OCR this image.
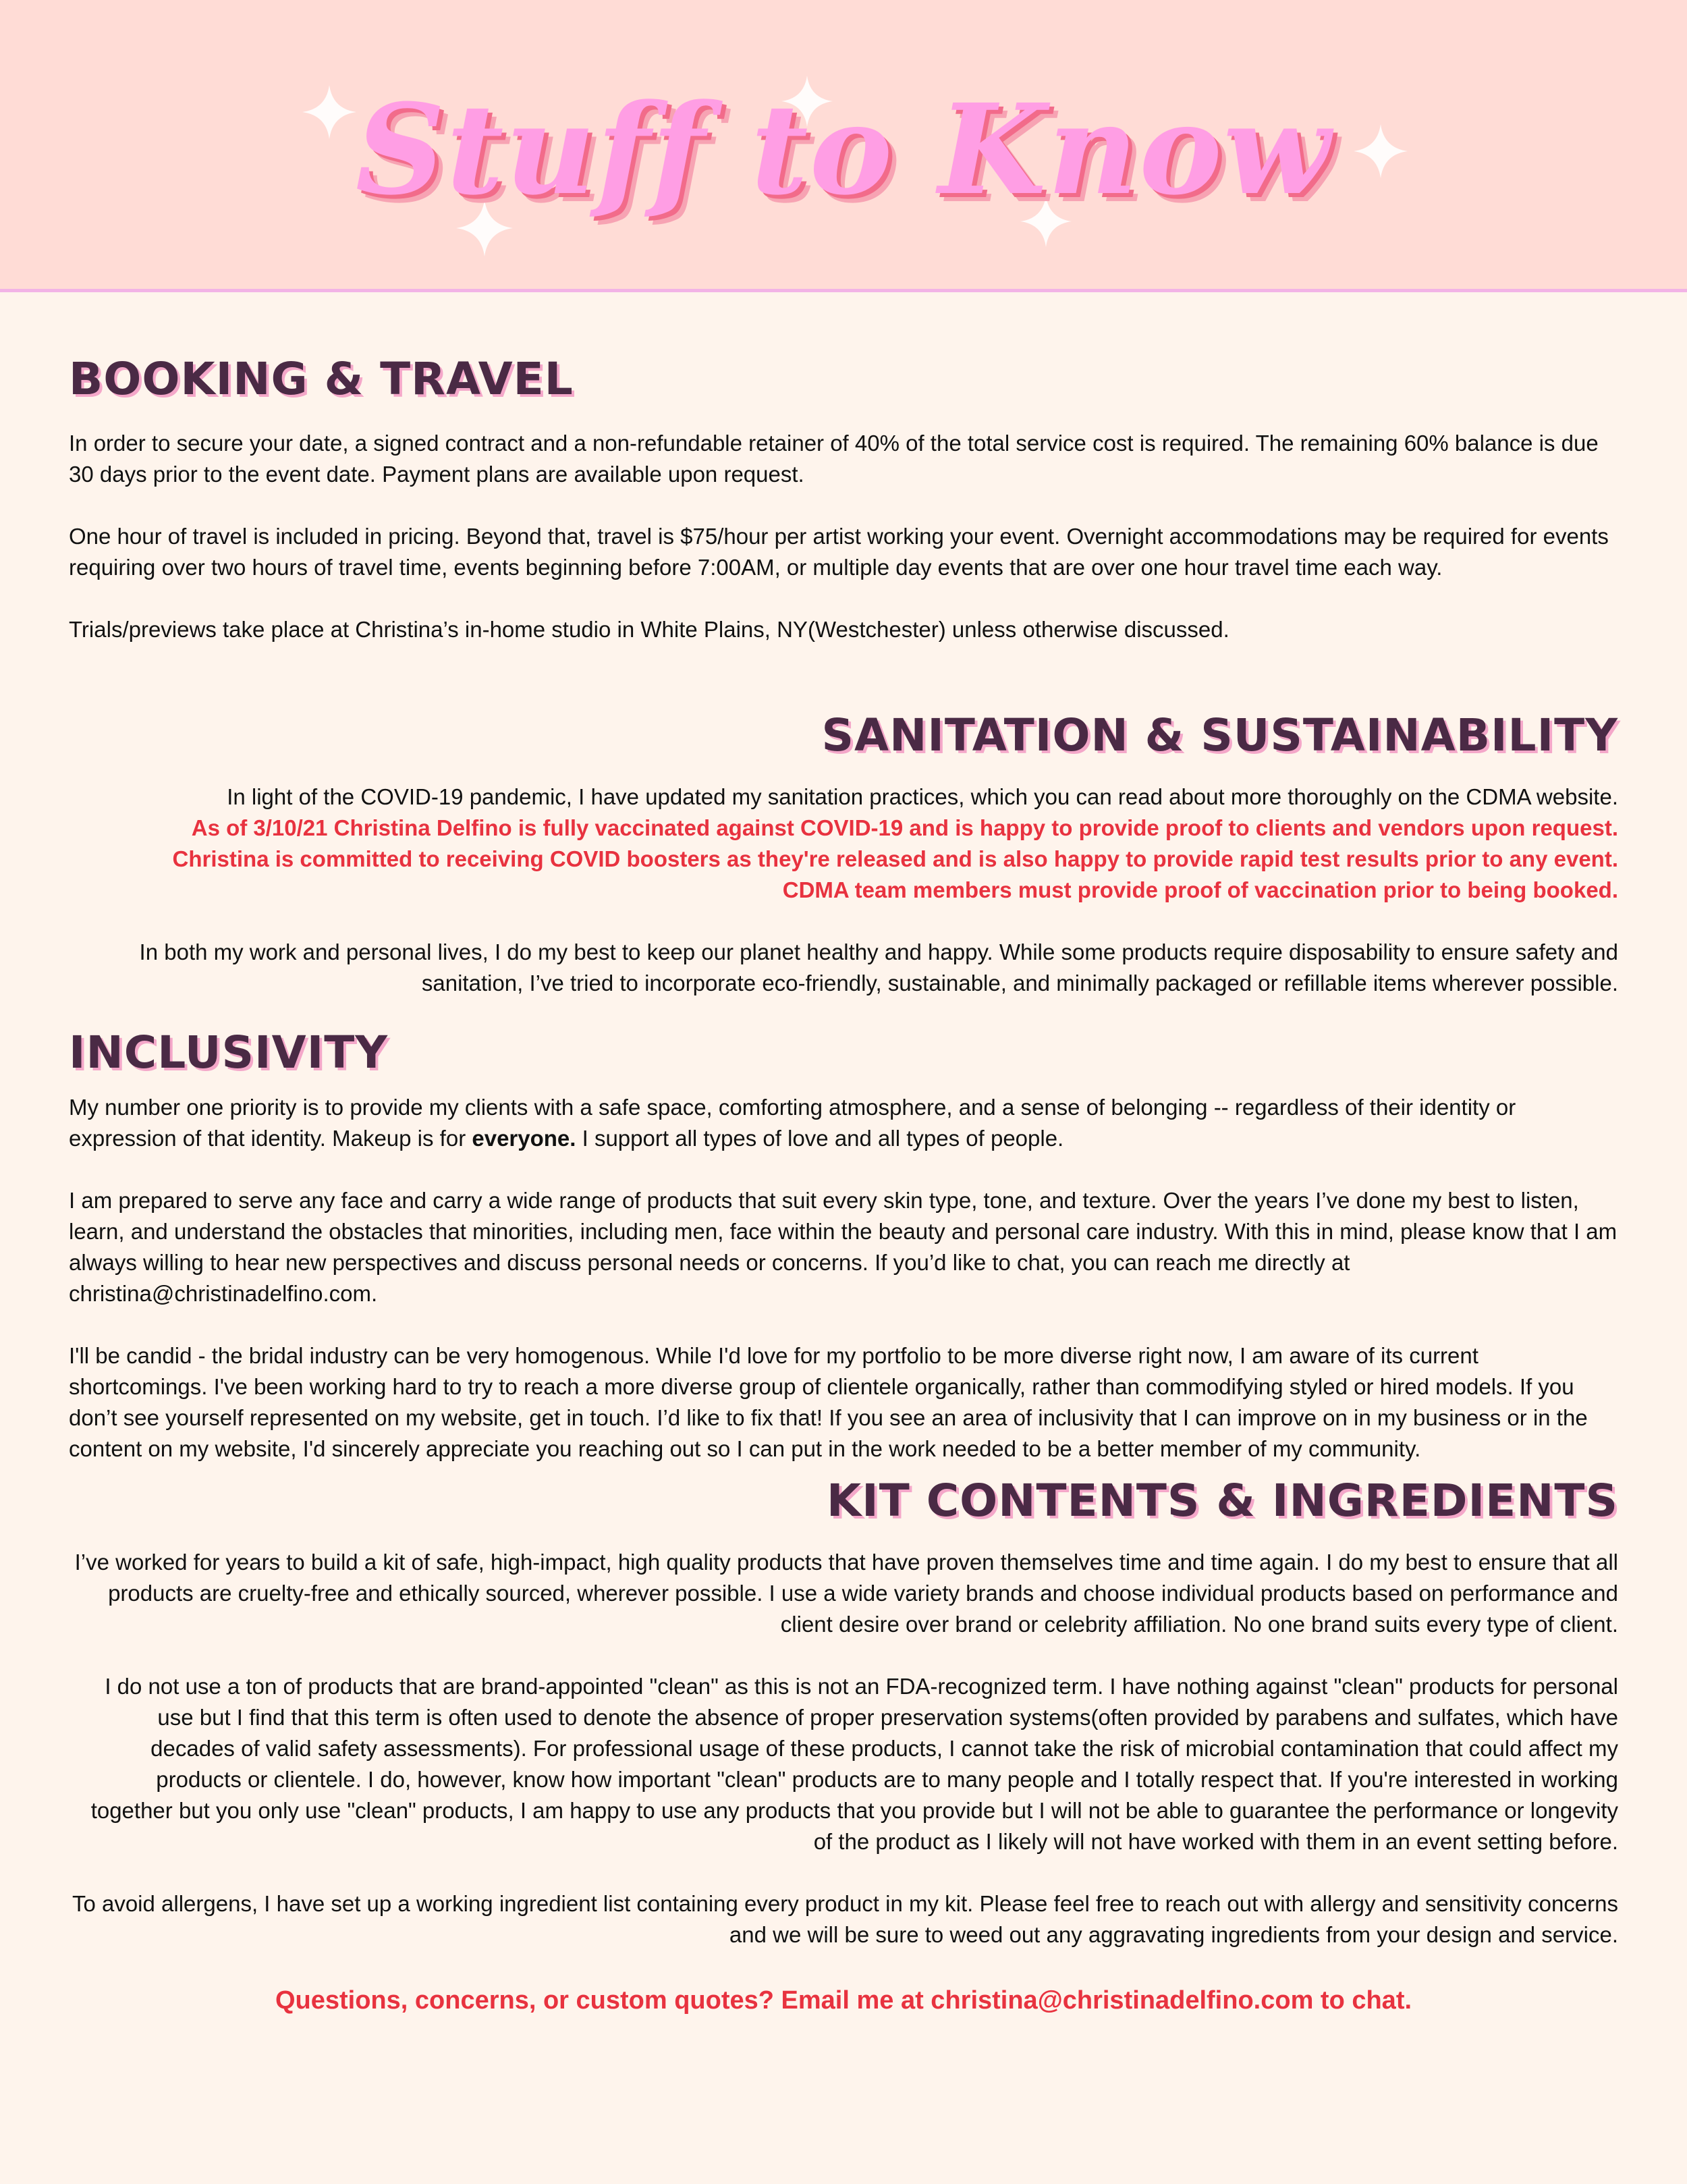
Stuff to Know
BOOKING & TRAVEL

In order to secure your date, a signed contract and a non-refundable retainer of 40% of the total service cost is required. The remaining 60% balance is due 30 days prior to the event date. Payment plans are available upon request.

One hour of travel is included in pricing. Beyond that, travel is $75/hour per artist working your event. Overnight accommodations may be required for events requiring over two hours of travel time, events beginning before 7:00AM, or multiple day events that are over one hour travel time each way.

Trials/previews take place at Christina’s in-home studio in White Plains, NY(Westchester) unless otherwise discussed.

SANITATION & SUSTAINABILITY

In light of the COVID-19 pandemic, I have updated my sanitation practices, which you can read about more thoroughly on the CDMA website.

As of 3/10/21 Christina Delfino is fully vaccinated against COVID-19 and is happy to provide proof to clients and vendors upon request.

Christina is committed to receiving COVID boosters as they're released and is also happy to provide rapid test results prior to any event.

CDMA team members must provide proof of vaccination prior to being booked.

In both my work and personal lives, I do my best to keep our planet healthy and happy. While some products require disposability to ensure safety and sanitation, I’ve tried to incorporate eco-friendly, sustainable, and minimally packaged or refillable items wherever possible.

INCLUSIVITY

My number one priority is to provide my clients with a safe space, comforting atmosphere, and a sense of belonging -- regardless of their identity or expression of that identity. Makeup is for everyone. I support all types of love and all types of people.

I am prepared to serve any face and carry a wide range of products that suit every skin type, tone, and texture. Over the years I’ve done my best to listen, learn, and understand the obstacles that minorities, including men, face within the beauty and personal care industry. With this in mind, please know that I am always willing to hear new perspectives and discuss personal needs or concerns. If you’d like to chat, you can reach me directly at christina@christinadelfino.com.

I'll be candid - the bridal industry can be very homogenous. While I'd love for my portfolio to be more diverse right now, I am aware of its current shortcomings. I've been working hard to try to reach a more diverse group of clientele organically, rather than commodifying styled or hired models. If you don’t see yourself represented on my website, get in touch. I’d like to fix that! If you see an area of inclusivity that I can improve on in my business or in the content on my website, I'd sincerely appreciate you reaching out so I can put in the work needed to be a better member of my community.

KIT CONTENTS & INGREDIENTS

I’ve worked for years to build a kit of safe, high-impact, high quality products that have proven themselves time and time again. I do my best to ensure that all products are cruelty-free and ethically sourced, wherever possible. I use a wide variety brands and choose individual products based on performance and client desire over brand or celebrity affiliation. No one brand suits every type of client.

I do not use a ton of products that are brand-appointed "clean" as this is not an FDA-recognized term. I have nothing against "clean" products for personal use but I find that this term is often used to denote the absence of proper preservation systems(often provided by parabens and sulfates, which have decades of valid safety assessments). For professional usage of these products, I cannot take the risk of microbial contamination that could affect my products or clientele. I do, however, know how important "clean" products are to many people and I totally respect that. If you're interested in working together but you only use "clean" products, I am happy to use any products that you provide but I will not be able to guarantee the performance or longevity of the product as I likely will not have worked with them in an event setting before.

To avoid allergens, I have set up a working ingredient list containing every product in my kit. Please feel free to reach out with allergy and sensitivity concerns and we will be sure to weed out any aggravating ingredients from your design and service.

Questions, concerns, or custom quotes? Email me at christina@christinadelfino.com to chat.
